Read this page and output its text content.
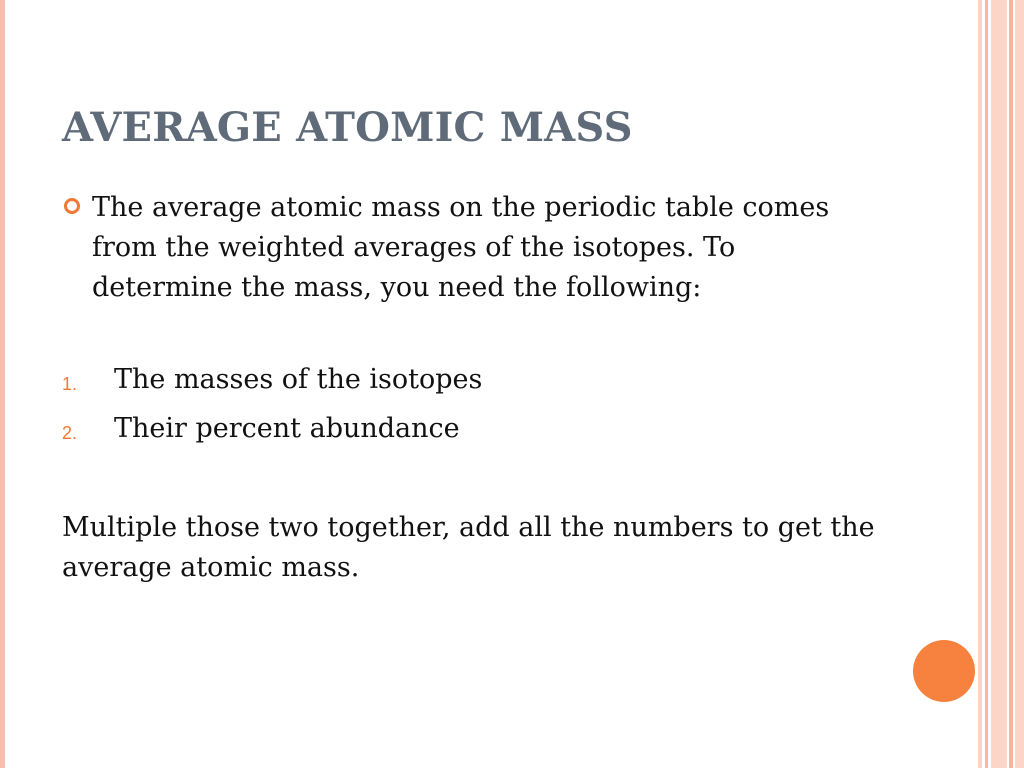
AVERAGE ATOMIC MASS
The average atomic mass on the periodic table comes from the weighted averages of the isotopes. To determine the mass, you need the following:
1. The masses of the isotopes
2. Their percent abundance
Multiple those two together, add all the numbers to get the average atomic mass.
